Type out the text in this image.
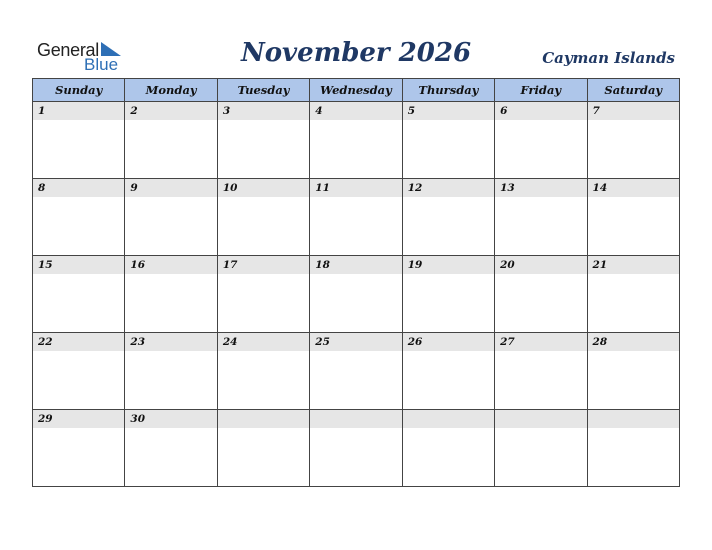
General
Blue	November 2026	Cayman Islands
Sunday	Monday	Tuesday	Wednesday	Thursday	Friday	Saturday

1	2	3	4	5	6	7

8	9	10	11	12	13	14

15	16	17	18	19	20	21

22	23	24	25	26	27	28

29	30					
